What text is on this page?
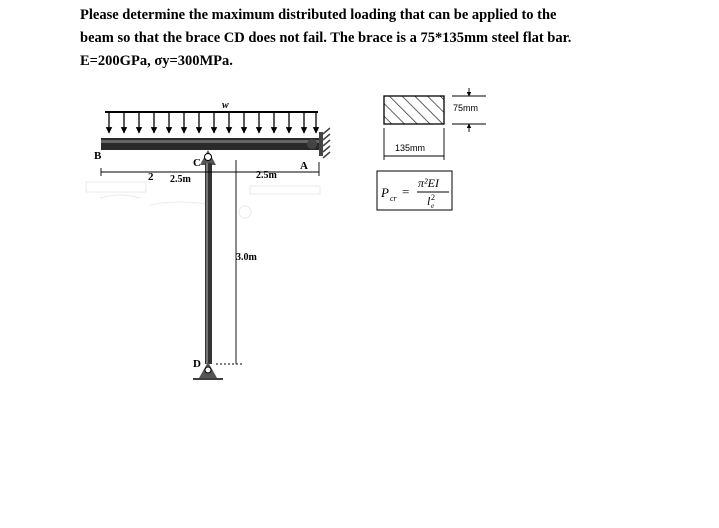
Please determine the maximum distributed loading that can be applied to the

beam so that the brace CD does not fail. The brace is a 75*135mm steel flat bar.

E=200GPa, σy=300MPa.

w
B
C	A
D
2 2.5m	2.5m
3.0m
75mm
135mm
P cr =
π²EI
l 2
e
